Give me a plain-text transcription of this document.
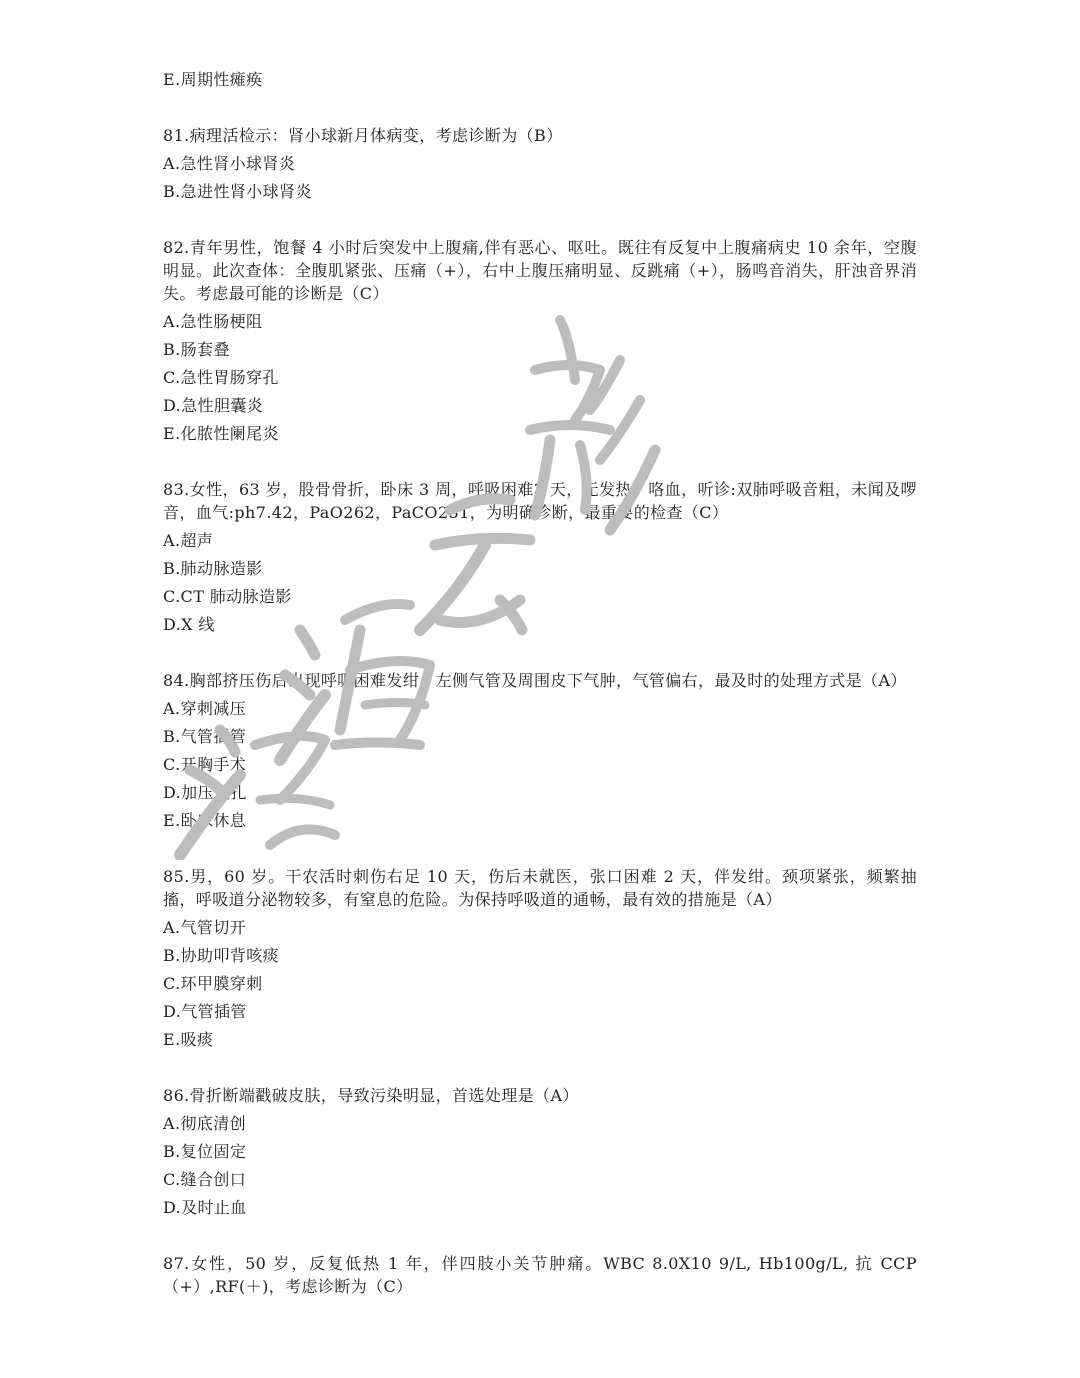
E.周期性瘫痪
81.病理活检示：肾小球新月体病变，考虑诊断为（B）
A.急性肾小球肾炎
B.急进性肾小球肾炎
82.青年男性，饱餐 4 小时后突发中上腹痛,伴有恶心、呕吐。既往有反复中上腹痛病史 10 余年，空腹明显。此次查体：全腹肌紧张、压痛（+），右中上腹压痛明显、反跳痛（+），肠鸣音消失，肝浊音界消失。考虑最可能的诊断是（C）
A.急性肠梗阻
B.肠套叠
C.急性胃肠穿孔
D.急性胆囊炎
E.化脓性阑尾炎
83.女性，63 岁，股骨骨折，卧床 3 周，呼吸困难3 天，无发热，咯血，听诊:双肺呼吸音粗，未闻及啰音，血气:ph7.42，PaO262，PaCO231，为明确诊断，最重要的检查（C）
A.超声
B.肺动脉造影
C.CT 肺动脉造影
D.X 线
84.胸部挤压伤后出现呼吸困难发绀，左侧气管及周围皮下气肿，气管偏右，最及时的处理方式是（A）
A.穿刺减压
B.气管插管
C.开胸手术
D.加压包扎
E.卧床休息
85.男，60 岁。干农活时刺伤右足 10 天，伤后未就医，张口困难 2 天，伴发绀。颈项紧张，频繁抽搐，呼吸道分泌物较多，有窒息的危险。为保持呼吸道的通畅，最有效的措施是（A）
A.气管切开
B.协助叩背咳痰
C.环甲膜穿刺
D.气管插管
E.吸痰
86.骨折断端戳破皮肤，导致污染明显，首选处理是（A）
A.彻底清创
B.复位固定
C.缝合创口
D.及时止血
87.女性，50 岁，反复低热 1 年，伴四肢小关节肿痛。WBC 8.0X10 9/L, Hb100g/L, 抗 CCP（+）,RF(＋)，考虑诊断为（C）
